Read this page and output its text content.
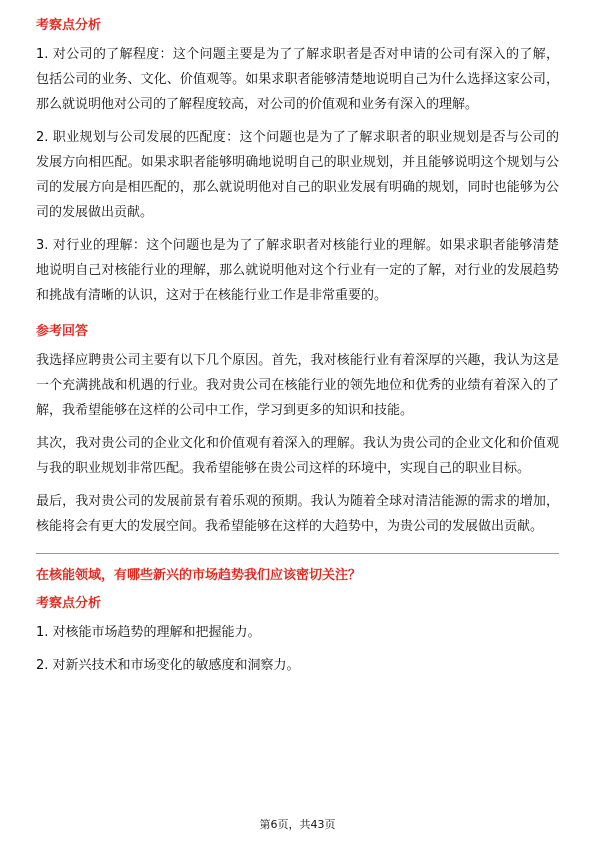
考察点分析

1. 对公司的了解程度：这个问题主要是为了了解求职者是否对申请的公司有深入的了解，包括公司的业务、文化、价值观等。如果求职者能够清楚地说明自己为什么选择这家公司，那么就说明他对公司的了解程度较高，对公司的价值观和业务有深入的理解。

2. 职业规划与公司发展的匹配度：这个问题也是为了了解求职者的职业规划是否与公司的发展方向相匹配。如果求职者能够明确地说明自己的职业规划，并且能够说明这个规划与公司的发展方向是相匹配的，那么就说明他对自己的职业发展有明确的规划，同时也能够为公司的发展做出贡献。

3. 对行业的理解：这个问题也是为了了解求职者对核能行业的理解。如果求职者能够清楚地说明自己对核能行业的理解，那么就说明他对这个行业有一定的了解，对行业的发展趋势和挑战有清晰的认识，这对于在核能行业工作是非常重要的。

参考回答

我选择应聘贵公司主要有以下几个原因。首先，我对核能行业有着深厚的兴趣，我认为这是一个充满挑战和机遇的行业。我对贵公司在核能行业的领先地位和优秀的业绩有着深入的了解，我希望能够在这样的公司中工作，学习到更多的知识和技能。

其次，我对贵公司的企业文化和价值观有着深入的理解。我认为贵公司的企业文化和价值观与我的职业规划非常匹配。我希望能够在贵公司这样的环境中，实现自己的职业目标。

最后，我对贵公司的发展前景有着乐观的预期。我认为随着全球对清洁能源的需求的增加，核能将会有更大的发展空间。我希望能够在这样的大趋势中，为贵公司的发展做出贡献。

在核能领域，有哪些新兴的市场趋势我们应该密切关注？
考察点分析

1. 对核能市场趋势的理解和把握能力。

2. 对新兴技术和市场变化的敏感度和洞察力。

第6页，共43页
